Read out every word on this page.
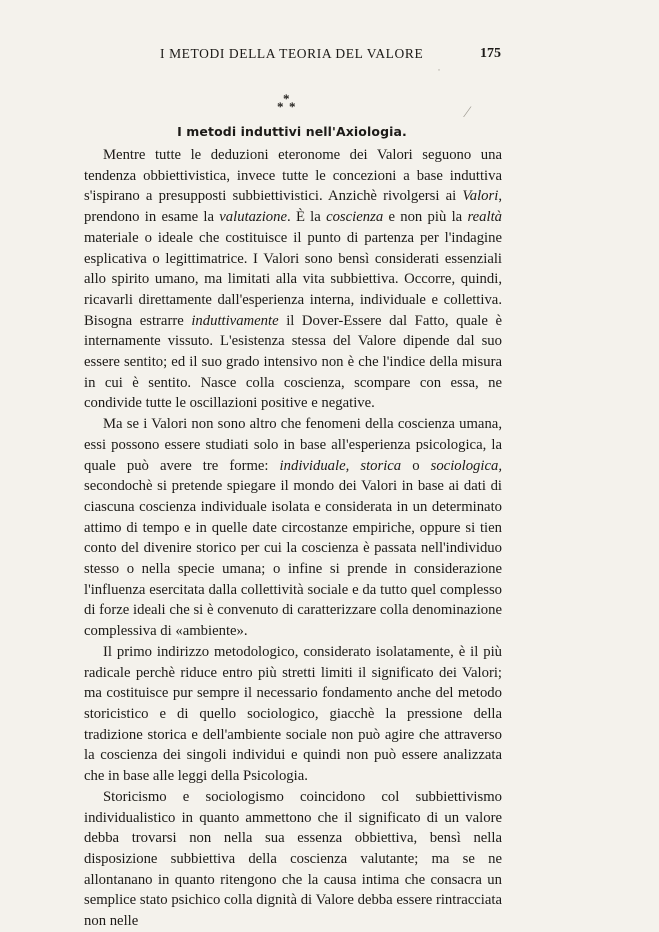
I METODI DELLA TEORIA DEL VALORE	175
*
* *
I metodi induttivi nell'Axiologia.

Mentre tutte le deduzioni eteronome dei Valori seguono una tendenza obbiettivistica, invece tutte le concezioni a base induttiva s'ispirano a presupposti subbiettivistici. Anzichè rivolgersi ai Valori, prendono in esame la valutazione. È la coscienza e non più la realtà materiale o ideale che costituisce il punto di partenza per l'indagine esplicativa o legittimatrice. I Valori sono bensì considerati essenziali allo spirito umano, ma limitati alla vita subbiettiva. Occorre, quindi, ricavarli direttamente dall'esperienza interna, individuale e collettiva. Bisogna estrarre induttivamente il Dover-Essere dal Fatto, quale è internamente vissuto. L'esistenza stessa del Valore dipende dal suo essere sentito; ed il suo grado intensivo non è che l'indice della misura in cui è sentito. Nasce colla coscienza, scompare con essa, ne condivide tutte le oscillazioni positive e negative.

Ma se i Valori non sono altro che fenomeni della coscienza umana, essi possono essere studiati solo in base all'esperienza psicologica, la quale può avere tre forme: individuale, storica o sociologica, secondochè si pretende spiegare il mondo dei Valori in base ai dati di ciascuna coscienza individuale isolata e considerata in un determinato attimo di tempo e in quelle date circostanze empiriche, oppure si tien conto del divenire storico per cui la coscienza è passata nell'individuo stesso o nella specie umana; o infine si prende in considerazione l'influenza esercitata dalla collettività sociale e da tutto quel complesso di forze ideali che si è convenuto di caratterizzare colla denominazione complessiva di «ambiente».

Il primo indirizzo metodologico, considerato isolatamente, è il più radicale perchè riduce entro più stretti limiti il significato dei Valori; ma costituisce pur sempre il necessario fondamento anche del metodo storicistico e di quello sociologico, giacchè la pressione della tradizione storica e dell'ambiente sociale non può agire che attraverso la coscienza dei singoli individui e quindi non può essere analizzata che in base alle leggi della Psicologia.

Storicismo e sociologismo coincidono col subbiettivismo individualistico in quanto ammettono che il significato di un valore debba trovarsi non nella sua essenza obbiettiva, bensì nella disposizione subbiettiva della coscienza valutante; ma se ne allontanano in quanto ritengono che la causa intima che consacra un semplice stato psichico colla dignità di Valore debba essere rintracciata non nelle

˙
⁄
